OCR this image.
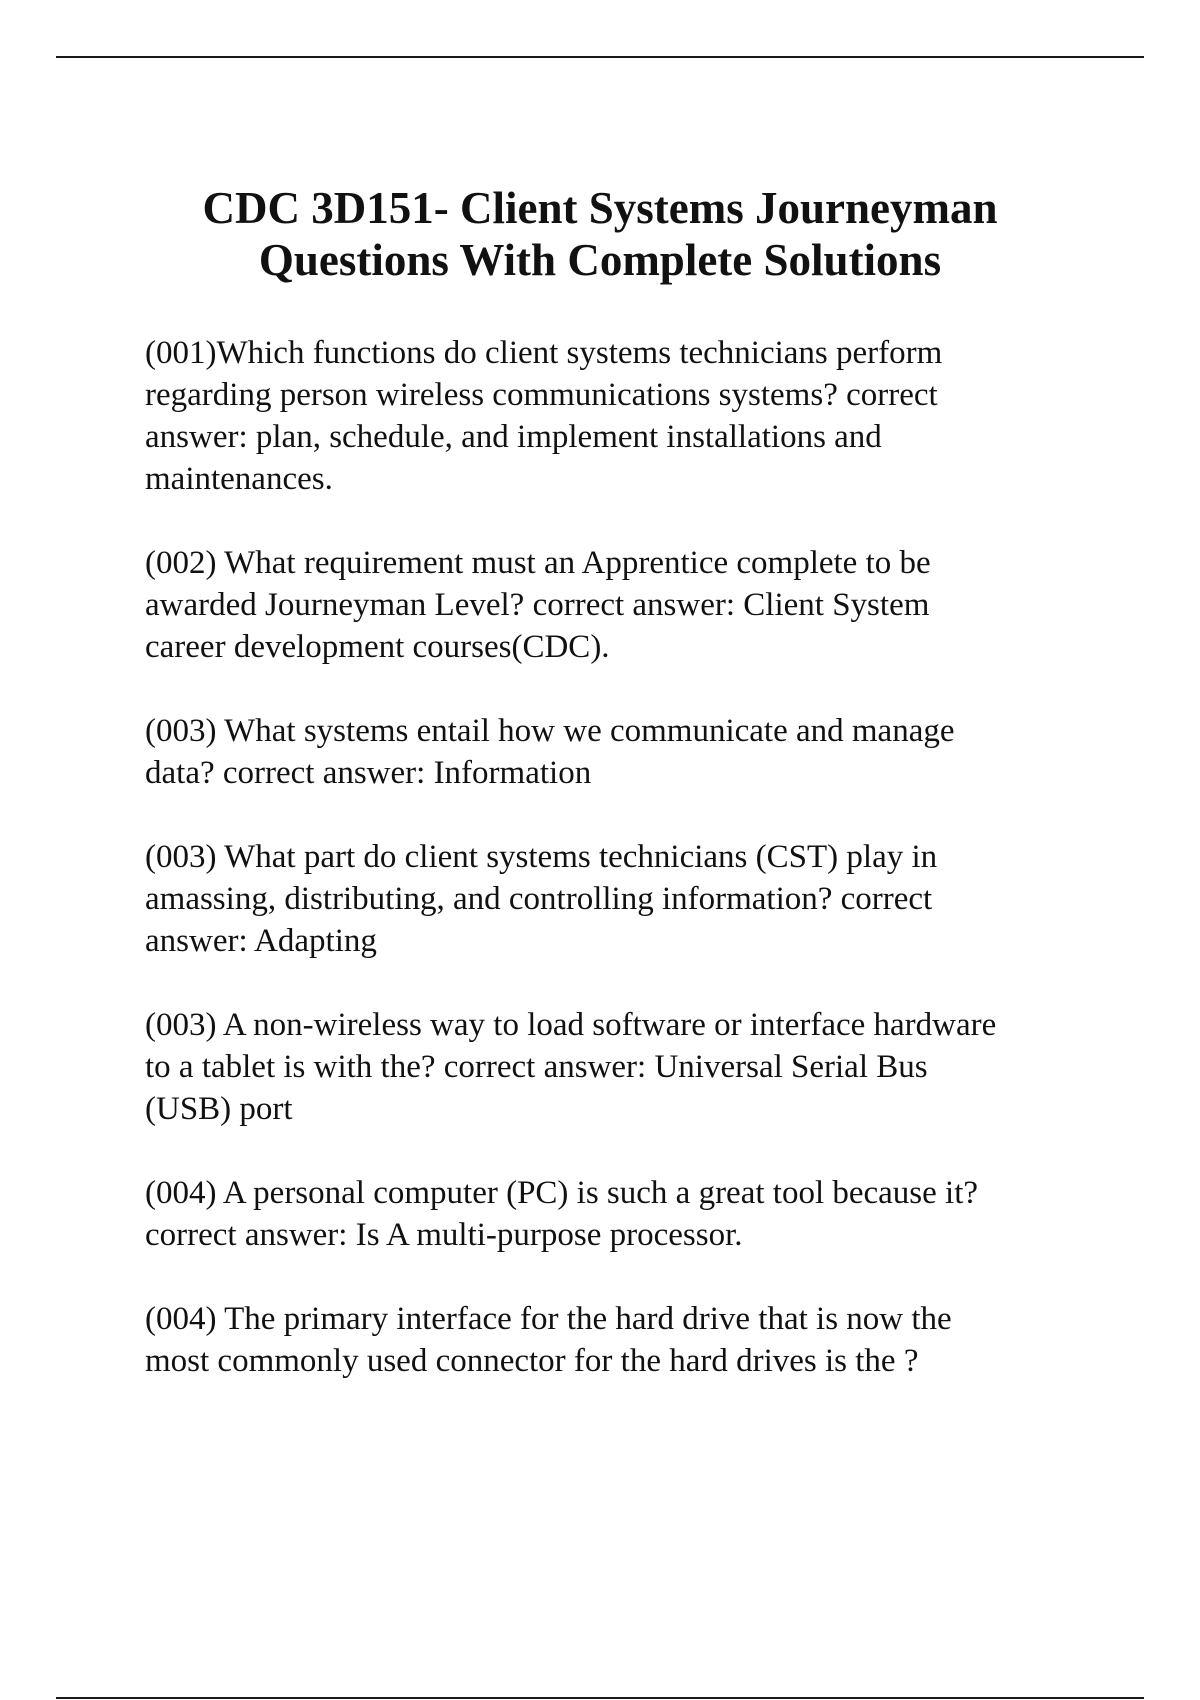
CDC 3D151- Client Systems Journeyman
Questions With Complete Solutions

(001)Which functions do client systems technicians perform
regarding person wireless communications systems? correct
answer: plan, schedule, and implement installations and
maintenances.

(002) What requirement must an Apprentice complete to be
awarded Journeyman Level? correct answer: Client System
career development courses(CDC).

(003) What systems entail how we communicate and manage
data? correct answer: Information

(003) What part do client systems technicians (CST) play in
amassing, distributing, and controlling information? correct
answer: Adapting

(003) A non-wireless way to load software or interface hardware
to a tablet is with the? correct answer: Universal Serial Bus
(USB) port

(004) A personal computer (PC) is such a great tool because it?
correct answer: Is A multi-purpose processor.

(004) The primary interface for the hard drive that is now the
most commonly used connector for the hard drives is the ?
